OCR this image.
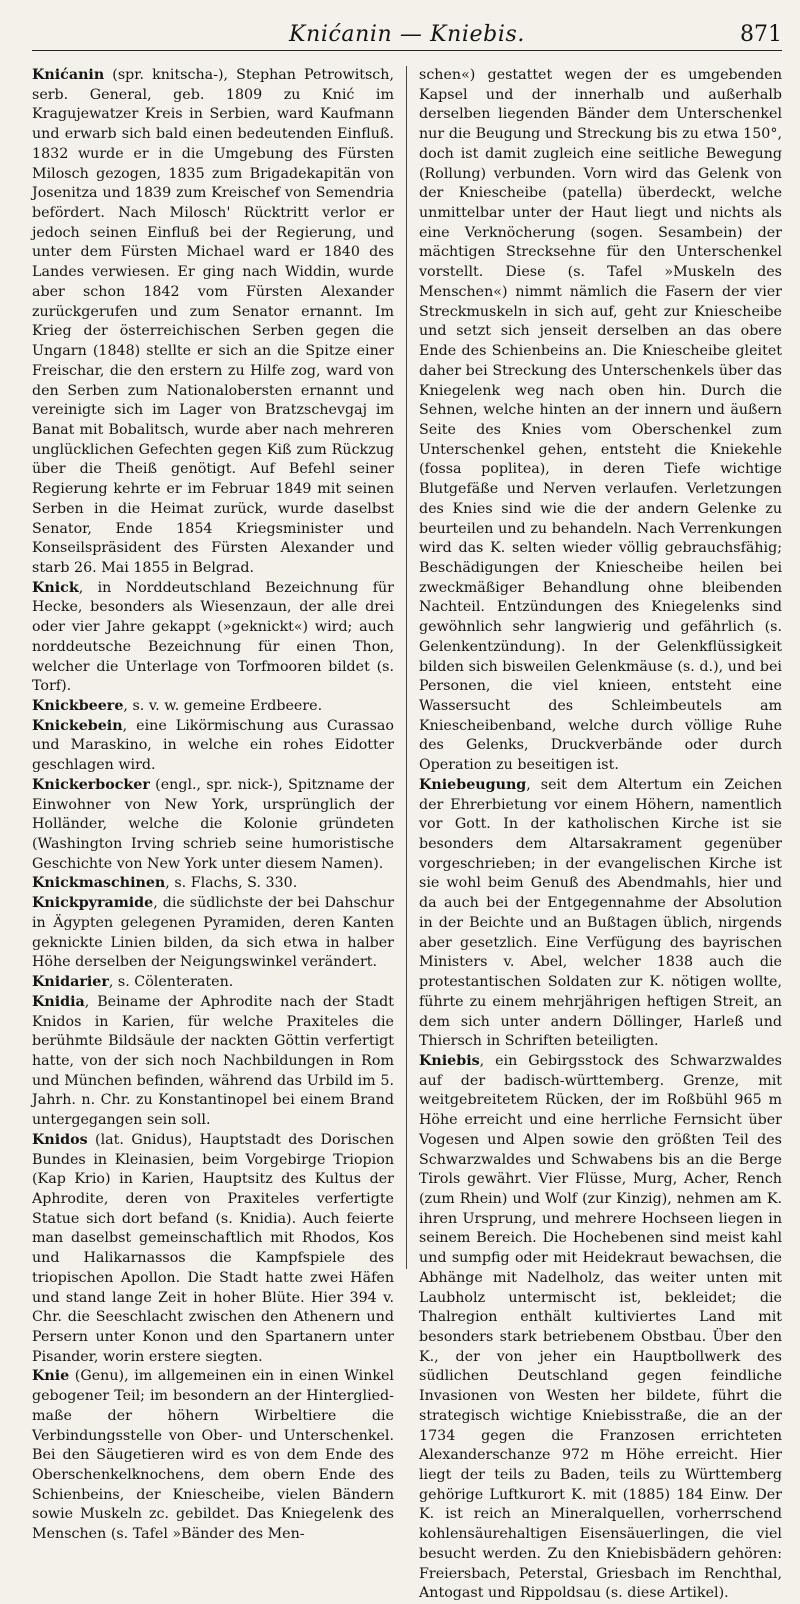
Knićanin — Kniebis.	871

Knićanin (spr. knitscha-), Stephan Petrowitsch, serb. General, geb. 1809 zu Knić im Kragujewatzer Kreis in Serbien, ward Kaufmann und erwarb sich bald einen bedeutenden Einfluß. 1832 wurde er in die Umgebung des Fürsten Milosch gezogen, 1835 zum Brigadekapitän von Josenitza und 1839 zum Kreischef von Semendria befördert. Nach Milosch' Rücktritt verlor er jedoch seinen Einfluß bei der Regierung, und unter dem Fürsten Michael ward er 1840 des Landes verwiesen. Er ging nach Widdin, wurde aber schon 1842 vom Fürsten Alexander zurückgerufen und zum Senator ernannt. Im Krieg der österreichischen Serben gegen die Ungarn (1848) stellte er sich an die Spitze einer Freischar, die den erstern zu Hilfe zog, ward von den Serben zum Nationalobersten ernannt und vereinigte sich im Lager von Bratzschevgaj im Banat mit Bobalitsch, wurde aber nach mehreren unglücklichen Gefechten gegen Kiß zum Rückzug über die Theiß genötigt. Auf Befehl seiner Regierung kehrte er im Februar 1849 mit seinen Serben in die Heimat zurück, wurde daselbst Senator, Ende 1854 Kriegsminister und Konseilspräsident des Fürsten Alexander und starb 26. Mai 1855 in Belgrad.

Knick, in Norddeutschland Bezeichnung für Hecke, besonders als Wiesenzaun, der alle drei oder vier Jahre gekappt (»geknickt«) wird; auch norddeutsche Bezeichnung für einen Thon, welcher die Unterlage von Torfmooren bildet (s. Torf).

Knickbeere, s. v. w. gemeine Erdbeere.

Knickebein, eine Likörmischung aus Curassao und Maraskino, in welche ein rohes Eidotter geschlagen wird.

Knickerbocker (engl., spr. nick-), Spitzname der Einwohner von New York, ursprünglich der Holländer, welche die Kolonie gründeten (Washington Irving schrieb seine humoristische Geschichte von New York unter diesem Namen).

Knickmaschinen, s. Flachs, S. 330.

Knickpyramide, die südlichste der bei Dahschur in Ägypten gelegenen Pyramiden, deren Kanten geknickte Linien bilden, da sich etwa in halber Höhe derselben der Neigungswinkel verändert.

Knidarier, s. Cölenteraten.

Knidia, Beiname der Aphrodite nach der Stadt Knidos in Karien, für welche Praxiteles die berühmte Bildsäule der nackten Göttin verfertigt hatte, von der sich noch Nachbildungen in Rom und München befinden, während das Urbild im 5. Jahrh. n. Chr. zu Konstantinopel bei einem Brand untergegangen sein soll.

Knidos (lat. Gnidus), Hauptstadt des Dorischen Bundes in Kleinasien, beim Vorgebirge Triopion (Kap Krio) in Karien, Hauptsitz des Kultus der Aphrodite, deren von Praxiteles verfertigte Statue sich dort befand (s. Knidia). Auch feierte man daselbst gemeinschaftlich mit Rhodos, Kos und Halikarnassos die Kampfspiele des triopischen Apollon. Die Stadt hatte zwei Häfen und stand lange Zeit in hoher Blüte. Hier 394 v. Chr. die Seeschlacht zwischen den Athenern und Persern unter Konon und den Spartanern unter Pisander, worin erstere siegten.

Knie (Genu), im allgemeinen ein in einen Winkel gebogener Teil; im besondern an der Hinterglied-maße der höhern Wirbeltiere die Verbindungsstelle von Ober- und Unterschenkel. Bei den Säugetieren wird es von dem Ende des Oberschenkelknochens, dem obern Ende des Schienbeins, der Kniescheibe, vielen Bändern sowie Muskeln zc. gebildet. Das Kniegelenk des Menschen (s. Tafel »Bänder des Men-

schen«) gestattet wegen der es umgebenden Kapsel und der innerhalb und außerhalb derselben liegenden Bänder dem Unterschenkel nur die Beugung und Streckung bis zu etwa 150°, doch ist damit zugleich eine seitliche Bewegung (Rollung) verbunden. Vorn wird das Gelenk von der Kniescheibe (patella) überdeckt, welche unmittelbar unter der Haut liegt und nichts als eine Verknöcherung (sogen. Sesambein) der mächtigen Strecksehne für den Unterschenkel vorstellt. Diese (s. Tafel »Muskeln des Menschen«) nimmt nämlich die Fasern der vier Streckmuskeln in sich auf, geht zur Kniescheibe und setzt sich jenseit derselben an das obere Ende des Schienbeins an. Die Kniescheibe gleitet daher bei Streckung des Unterschenkels über das Kniegelenk weg nach oben hin. Durch die Sehnen, welche hinten an der innern und äußern Seite des Knies vom Oberschenkel zum Unterschenkel gehen, entsteht die Kniekehle (fossa poplitea), in deren Tiefe wichtige Blutgefäße und Nerven verlaufen. Verletzungen des Knies sind wie die der andern Gelenke zu beurteilen und zu behandeln. Nach Verrenkungen wird das K. selten wieder völlig gebrauchsfähig; Beschädigungen der Kniescheibe heilen bei zweckmäßiger Behandlung ohne bleibenden Nachteil. Entzündungen des Kniegelenks sind gewöhnlich sehr langwierig und gefährlich (s. Gelenkentzündung). In der Gelenkflüssigkeit bilden sich bisweilen Gelenkmäuse (s. d.), und bei Personen, die viel knieen, entsteht eine Wassersucht des Schleimbeutels am Kniescheibenband, welche durch völlige Ruhe des Gelenks, Druckverbände oder durch Operation zu beseitigen ist.

Kniebeugung, seit dem Altertum ein Zeichen der Ehrerbietung vor einem Höhern, namentlich vor Gott. In der katholischen Kirche ist sie besonders dem Altarsakrament gegenüber vorgeschrieben; in der evangelischen Kirche ist sie wohl beim Genuß des Abendmahls, hier und da auch bei der Entgegennahme der Absolution in der Beichte und an Bußtagen üblich, nirgends aber gesetzlich. Eine Verfügung des bayrischen Ministers v. Abel, welcher 1838 auch die protestantischen Soldaten zur K. nötigen wollte, führte zu einem mehrjährigen heftigen Streit, an dem sich unter andern Döllinger, Harleß und Thiersch in Schriften beteiligten.

Kniebis, ein Gebirgsstock des Schwarzwaldes auf der badisch-württemberg. Grenze, mit weitgebreitetem Rücken, der im Roßbühl 965 m Höhe erreicht und eine herrliche Fernsicht über Vogesen und Alpen sowie den größten Teil des Schwarzwaldes und Schwabens bis an die Berge Tirols gewährt. Vier Flüsse, Murg, Acher, Rench (zum Rhein) und Wolf (zur Kinzig), nehmen am K. ihren Ursprung, und mehrere Hochseen liegen in seinem Bereich. Die Hochebenen sind meist kahl und sumpfig oder mit Heidekraut bewachsen, die Abhänge mit Nadelholz, das weiter unten mit Laubholz untermischt ist, bekleidet; die Thalregion enthält kultiviertes Land mit besonders stark betriebenem Obstbau. Über den K., der von jeher ein Hauptbollwerk des südlichen Deutschland gegen feindliche Invasionen von Westen her bildete, führt die strategisch wichtige Kniebisstraße, die an der 1734 gegen die Franzosen errichteten Alexanderschanze 972 m Höhe erreicht. Hier liegt der teils zu Baden, teils zu Württemberg gehörige Luftkurort K. mit (1885) 184 Einw. Der K. ist reich an Mineralquellen, vorherrschend kohlensäurehaltigen Eisensäuerlingen, die viel besucht werden. Zu den Kniebisbädern gehören: Freiersbach, Peterstal, Griesbach im Renchthal, Antogast und Rippoldsau (s. diese Artikel).
